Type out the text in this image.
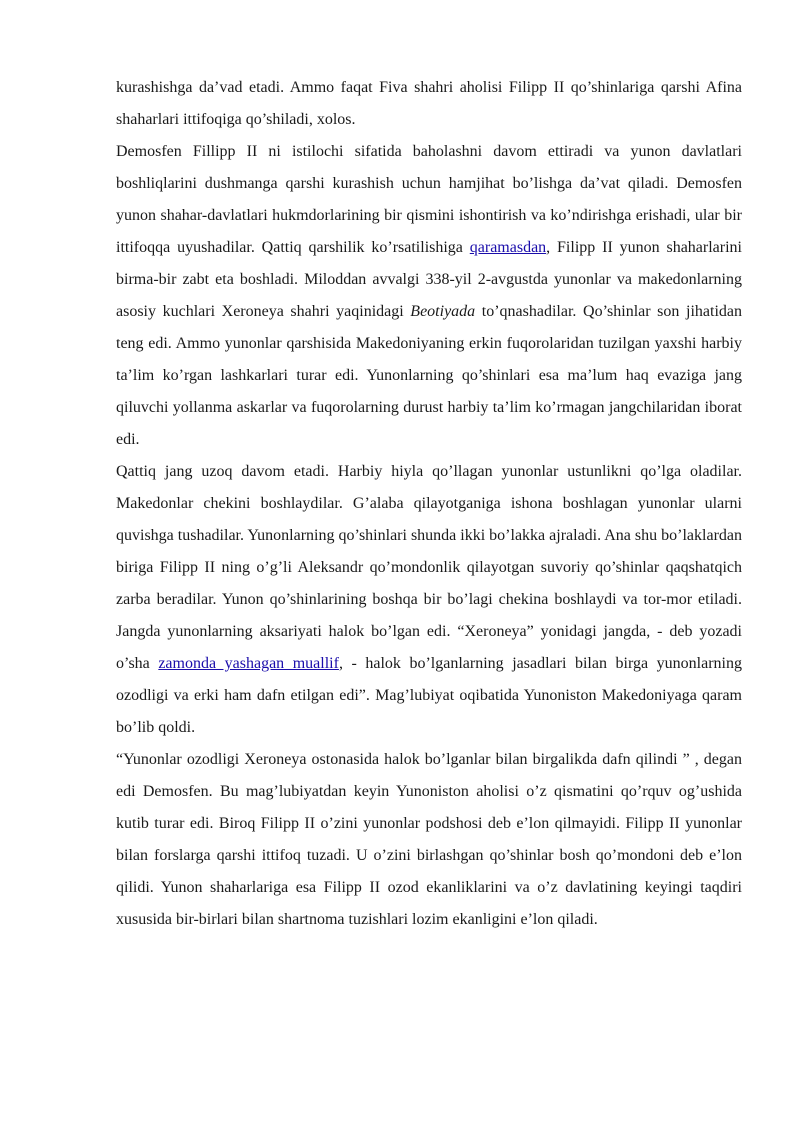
kurashishga da’vad etadi. Ammo faqat Fiva shahri aholisi Filipp II qo’shinlariga qarshi Afina shaharlari ittifoqiga qo’shiladi, xolos.

Demosfen Fillipp II ni istilochi sifatida baholashni davom ettiradi va yunon davlatlari boshliqlarini dushmanga qarshi kurashish uchun hamjihat bo’lishga da’vat qiladi. Demosfen yunon shahar-davlatlari hukmdorlarining bir qismini ishontirish va ko’ndirishga erishadi, ular bir ittifoqqa uyushadilar. Qattiq qarshilik ko’rsatilishiga qaramasdan, Filipp II yunon shaharlarini birma-bir zabt eta boshladi. Miloddan avvalgi 338-yil 2-avgustda yunonlar va makedonlarning asosiy kuchlari Xeroneya shahri yaqinidagi Beotiyada to’qnashadilar. Qo’shinlar son jihatidan teng edi. Ammo yunonlar qarshisida Makedoniyaning erkin fuqorolaridan tuzilgan yaxshi harbiy ta’lim ko’rgan lashkarlari turar edi. Yunonlarning qo’shinlari esa ma’lum haq evaziga jang qiluvchi yollanma askarlar va fuqorolarning durust harbiy ta’lim ko’rmagan jangchilaridan iborat edi.

Qattiq jang uzoq davom etadi. Harbiy hiyla qo’llagan yunonlar ustunlikni qo’lga oladilar. Makedonlar chekini boshlaydilar. G’alaba qilayotganiga ishona boshlagan yunonlar ularni quvishga tushadilar. Yunonlarning qo’shinlari shunda ikki bo’lakka ajraladi. Ana shu bo’laklardan biriga Filipp II ning o’g’li Aleksandr qo’mondonlik qilayotgan suvoriy qo’shinlar qaqshatqich zarba beradilar. Yunon qo’shinlarining boshqa bir bo’lagi chekina boshlaydi va tor-mor etiladi. Jangda yunonlarning aksariyati halok bo’lgan edi. “Xeroneya” yonidagi jangda, - deb yozadi o’sha zamonda yashagan muallif, - halok bo’lganlarning jasadlari bilan birga yunonlarning ozodligi va erki ham dafn etilgan edi”. Mag’lubiyat oqibatida Yunoniston Makedoniyaga qaram bo’lib qoldi.

“Yunonlar ozodligi Xeroneya ostonasida halok bo’lganlar bilan birgalikda dafn qilindi ” , degan edi Demosfen. Bu mag’lubiyatdan keyin Yunoniston aholisi o’z qismatini qo’rquv og’ushida kutib turar edi. Biroq Filipp II o’zini yunonlar podshosi deb e’lon qilmayidi. Filipp II yunonlar bilan forslarga qarshi ittifoq tuzadi. U o’zini birlashgan qo’shinlar bosh qo’mondoni deb e’lon qilidi. Yunon shaharlariga esa Filipp II ozod ekanliklarini va o’z davlatining keyingi taqdiri xususida bir-birlari bilan shartnoma tuzishlari lozim ekanligini e’lon qiladi.
